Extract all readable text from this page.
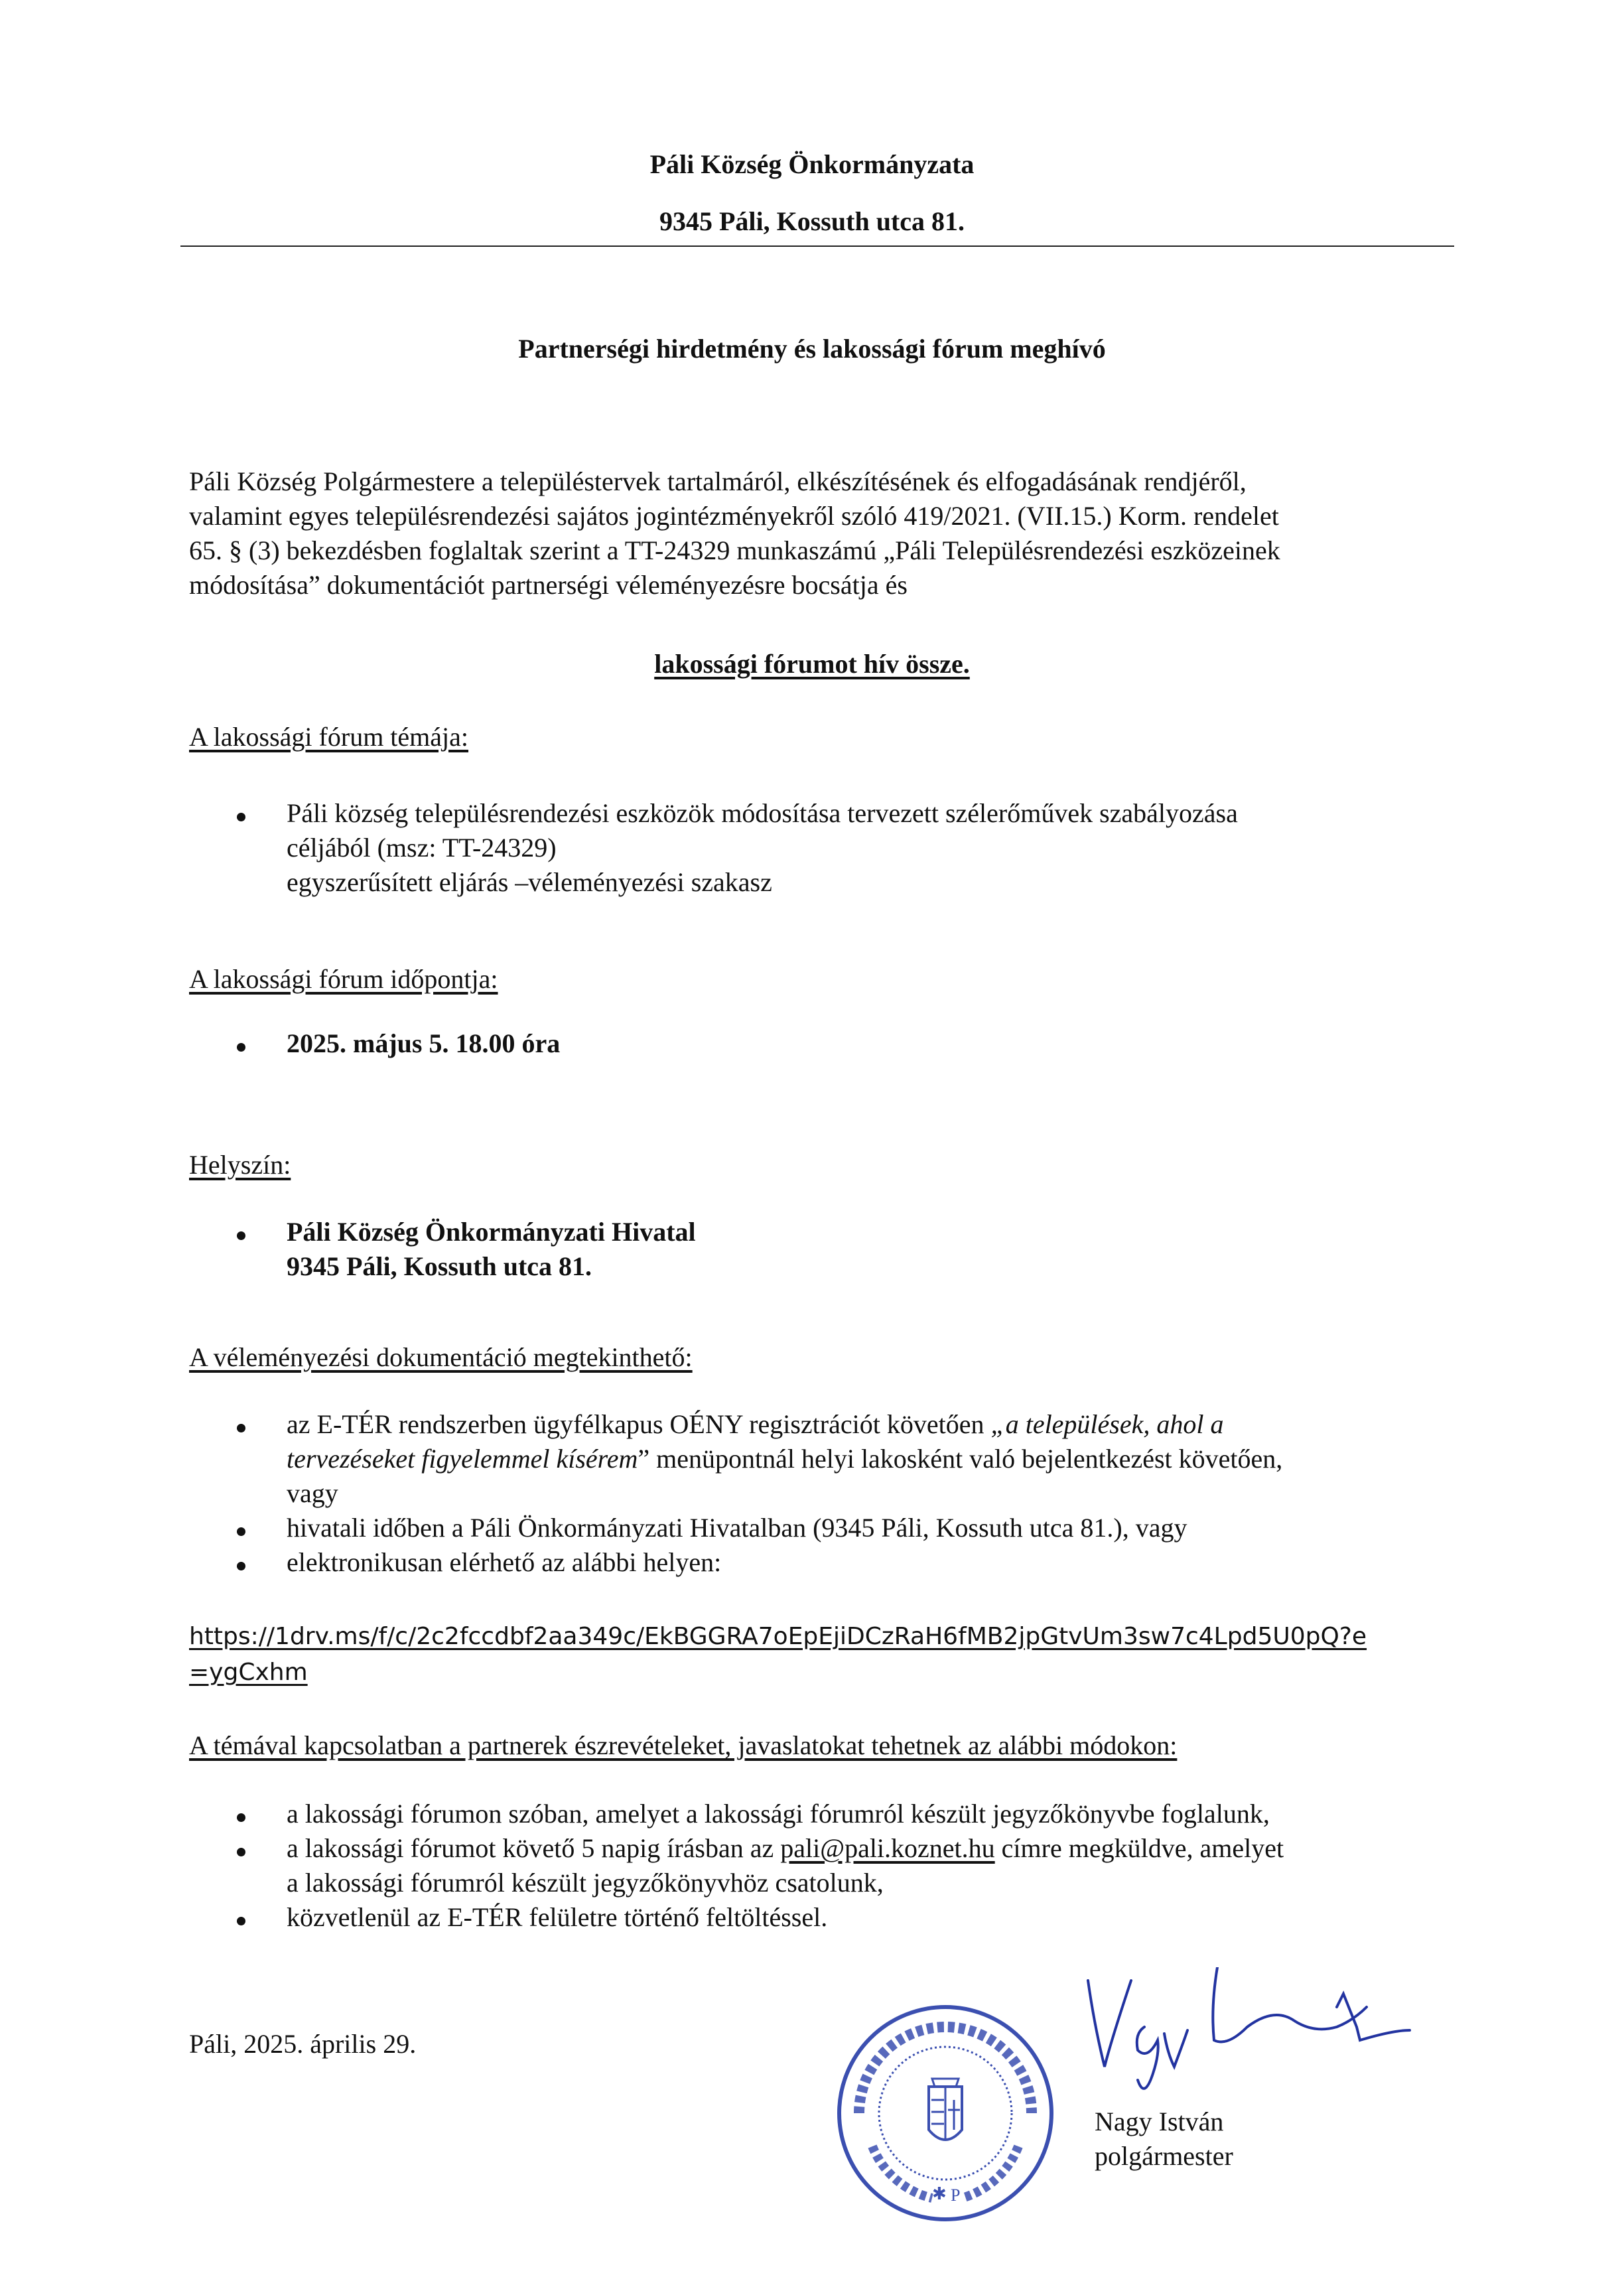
Páli Község Önkormányzata
9345 Páli, Kossuth utca 81.
Partnerségi hirdetmény és lakossági fórum meghívó
Páli Község Polgármestere a településtervek tartalmáról, elkészítésének és elfogadásának rendjéről,
valamint egyes településrendezési sajátos jogintézményekről szóló 419/2021. (VII.15.) Korm. rendelet
65. § (3) bekezdésben foglaltak szerint a TT-24329 munkaszámú „Páli Településrendezési eszközeinek
módosítása” dokumentációt partnerségi véleményezésre bocsátja és
lakossági fórumot hív össze.
A lakossági fórum témája:
Páli község településrendezési eszközök módosítása tervezett szélerőművek szabályozása
céljából (msz: TT-24329)
egyszerűsített eljárás –véleményezési szakasz
A lakossági fórum időpontja:
2025. május 5. 18.00 óra
Helyszín:
Páli Község Önkormányzati Hivatal
9345 Páli, Kossuth utca 81.
A véleményezési dokumentáció megtekinthető:
az E-TÉR rendszerben ügyfélkapus OÉNY regisztrációt követően „a települések, ahol a
tervezéseket figyelemmel kísérem” menüpontnál helyi lakosként való bejelentkezést követően,
vagy
hivatali időben a Páli Önkormányzati Hivatalban (9345 Páli, Kossuth utca 81.), vagy
elektronikusan elérhető az alábbi helyen:
https://1drv.ms/f/c/2c2fccdbf2aa349c/EkBGGRA7oEpEjiDCzRaH6fMB2jpGtvUm3sw7c4Lpd5U0pQ?e
=ygCxhm
A témával kapcsolatban a partnerek észrevételeket, javaslatokat tehetnek az alábbi módokon:
a lakossági fórumon szóban, amelyet a lakossági fórumról készült jegyzőkönyvbe foglalunk,
a lakossági fórumot követő 5 napig írásban az pali@pali.koznet.hu címre megküldve, amelyet
a lakossági fórumról készült jegyzőkönyvhöz csatolunk,
közvetlenül az E-TÉR felületre történő feltöltéssel.
Páli, 2025. április 29.
✱ P
Nagy István
polgármester
